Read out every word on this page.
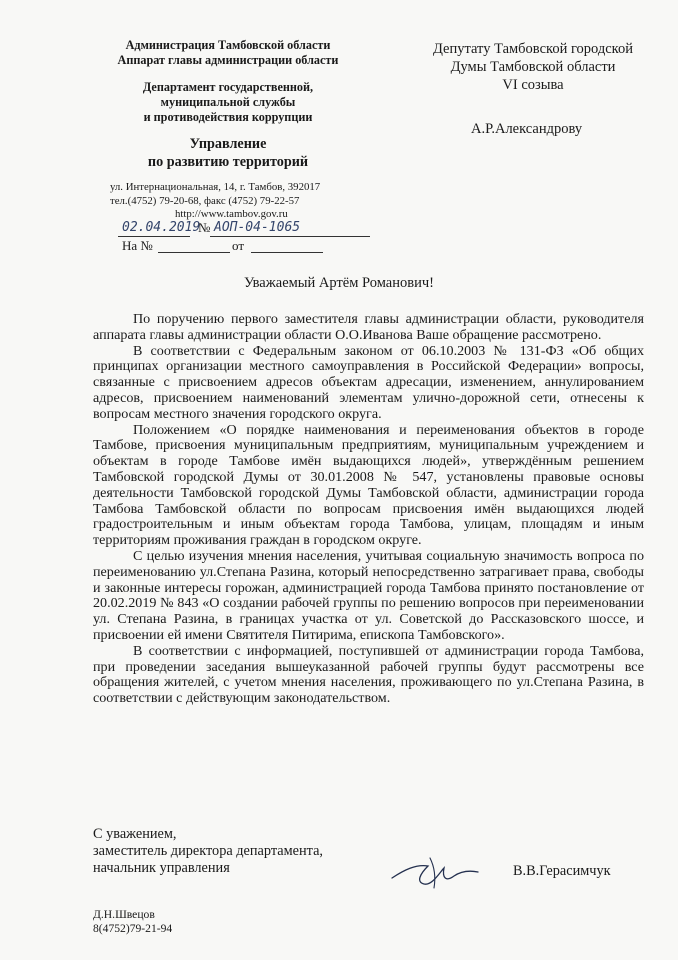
Администрация Тамбовской области
Аппарат главы администрации области
Департамент государственной,
муниципальной службы
и противодействия коррупции
Управление
по развитию территорий
ул. Интернациональная, 14, г. Тамбов, 392017
тел.(4752) 79-20-68, факс (4752) 79-22-57
http://www.tambov.gov.ru
02.04.2019
№ АОП-04-1065
На №	от
Депутату Тамбовской городской
Думы Тамбовской области
VI созыва
А.Р.Александрову
Уважаемый Артём Романович!

По поручению первого заместителя главы администрации области, руководителя аппарата главы администрации области О.О.Иванова Ваше обращение рассмотрено.

В соответствии с Федеральным законом от 06.10.2003 № 131-ФЗ «Об общих принципах организации местного самоуправления в Российской Федерации» вопросы, связанные с присвоением адресов объектам адресации, изменением, аннулированием адресов, присвоением наименований элементам улично-дорожной сети, отнесены к вопросам местного значения городского округа.

Положением «О порядке наименования и переименования объектов в городе Тамбове, присвоения муниципальным предприятиям, муниципальным учреждением и объектам в городе Тамбове имён выдающихся людей», утверждённым решением Тамбовской городской Думы от 30.01.2008 № 547, установлены правовые основы деятельности Тамбовской городской Думы Тамбовской области, администрации города Тамбова Тамбовской области по вопросам присвоения имён выдающихся людей градостроительным и иным объектам города Тамбова, улицам, площадям и иным территориям проживания граждан в городском округе.

С целью изучения мнения населения, учитывая социальную значимость вопроса по переименованию ул.Степана Разина, который непосредственно затрагивает права, свободы и законные интересы горожан, администрацией города Тамбова принято постановление от 20.02.2019 № 843 «О создании рабочей группы по решению вопросов при переименовании ул. Степана Разина, в границах участка от ул. Советской до Рассказовского шоссе, и присвоении ей имени Святителя Питирима, епископа Тамбовского».

В соответствии с информацией, поступившей от администрации города Тамбова, при проведении заседания вышеуказанной рабочей группы будут рассмотрены все обращения жителей, с учетом мнения населения, проживающего по ул.Степана Разина, в соответствии с действующим законодательством.

С уважением,
заместитель директора департамента,
начальник управления	В.В.Герасимчук
Д.Н.Швецов
8(4752)79-21-94
